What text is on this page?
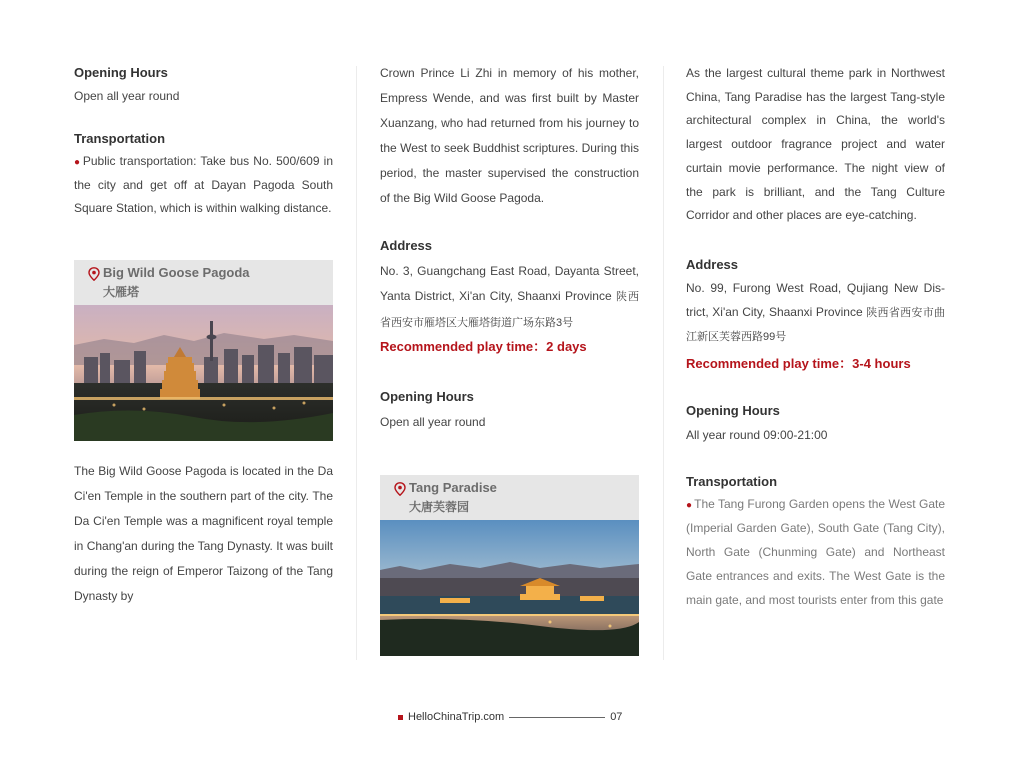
Opening Hours
Open all year round
Transportation
● Public transportation: Take bus No. 500/609 in the city and get off at Dayan Pagoda South Square Station, which is within walking distance.
Big Wild Goose Pagoda
大雁塔
The Big Wild Goose Pagoda is located in the Da Ci'en Temple in the southern part of the city. The Da Ci'en Temple was a magnificent royal temple in Chang'an during the Tang Dynasty. It was built during the reign of Emperor Taizong of the Tang Dynasty by
Crown Prince Li Zhi in memory of his mother, Empress Wende, and was first built by Master Xuanzang, who had returned from his journey to the West to seek Buddhist scriptures. During this period, the master supervised the construction of the Big Wild Goose Pagoda.
Address
No. 3, Guangchang East Road, Dayanta Street, Yanta District, Xi'an City, Shaanxi Province 陕西省西安市雁塔区大雁塔街道广场东路3号
Recommended play time：2 days
Opening Hours
Open all year round
Tang Paradise
大唐芙蓉园
As the largest cultural theme park in Northwest China, Tang Paradise has the largest Tang-style architectural complex in China, the world's largest outdoor fragrance project and water curtain movie performance. The night view of the park is brilliant, and the Tang Culture Corridor and other places are eye-catching.
Address
No. 99, Furong West Road, Qujiang New District, Xi'an City, Shaanxi Province 陕西省西安市曲江新区芙蓉西路99号
Recommended play time：3-4 hours
Opening Hours
All year round 09:00-21:00
Transportation
● The Tang Furong Garden opens the West Gate (Imperial Garden Gate), South Gate (Tang City), North Gate (Chunming Gate) and Northeast Gate entrances and exits. The West Gate is the main gate, and most tourists enter from this gate
HelloChinaTrip.com	07
